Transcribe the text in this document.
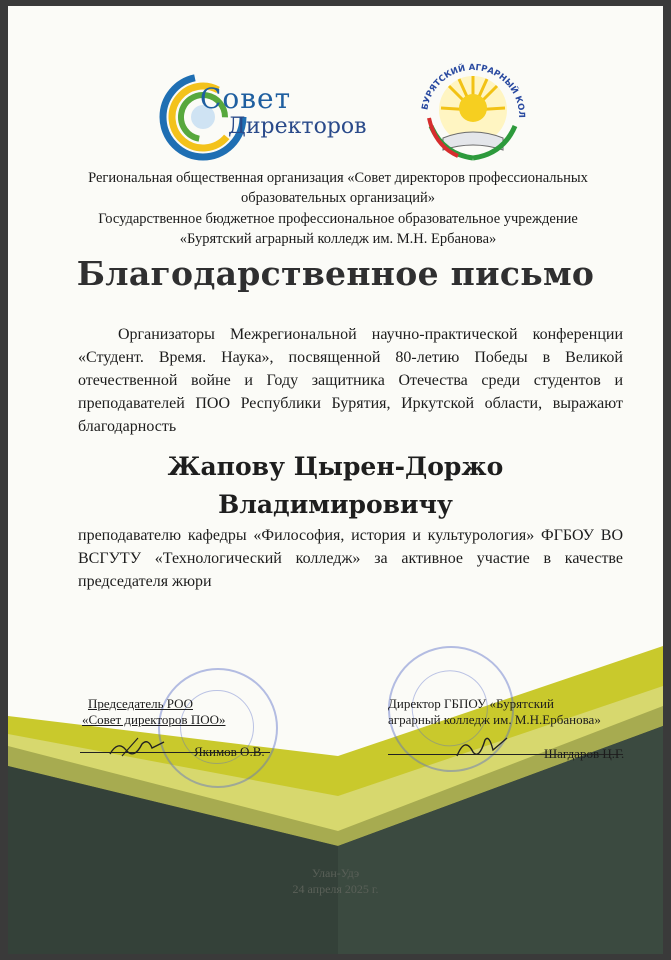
Совет
Директоров
БУРЯТСКИЙ АГРАРНЫЙ КОЛ
Региональная общественная организация «Совет директоров профессиональных
образовательных организаций»
Государственное бюджетное профессиональное образовательное учреждение
«Бурятский аграрный колледж им. М.Н. Ербанова»
Благодарственное письмо

Организаторы Межрегиональной научно-практической конференции «Студент. Время. Наука», посвященной 80-летию Победы в Великой отечественной войне и Году защитника Отечества среди студентов и преподавателей ПОО Республики Бурятия, Иркутской области, выражают благодарность

Жапову Цырен-Доржо
Владимировичу

преподавателю кафедры «Философия, история и культурология» ФГБОУ ВО ВСГУТУ «Технологический колледж» за активное участие в качестве председателя жюри

Председатель РОО
«Совет директоров ПОО»
Якимов О.В.
Директор ГБПОУ «Бурятский
аграрный колледж им. М.Н.Ербанова»
Шагдаров Ц.Г.
Улан-Удэ
24 апреля 2025 г.
